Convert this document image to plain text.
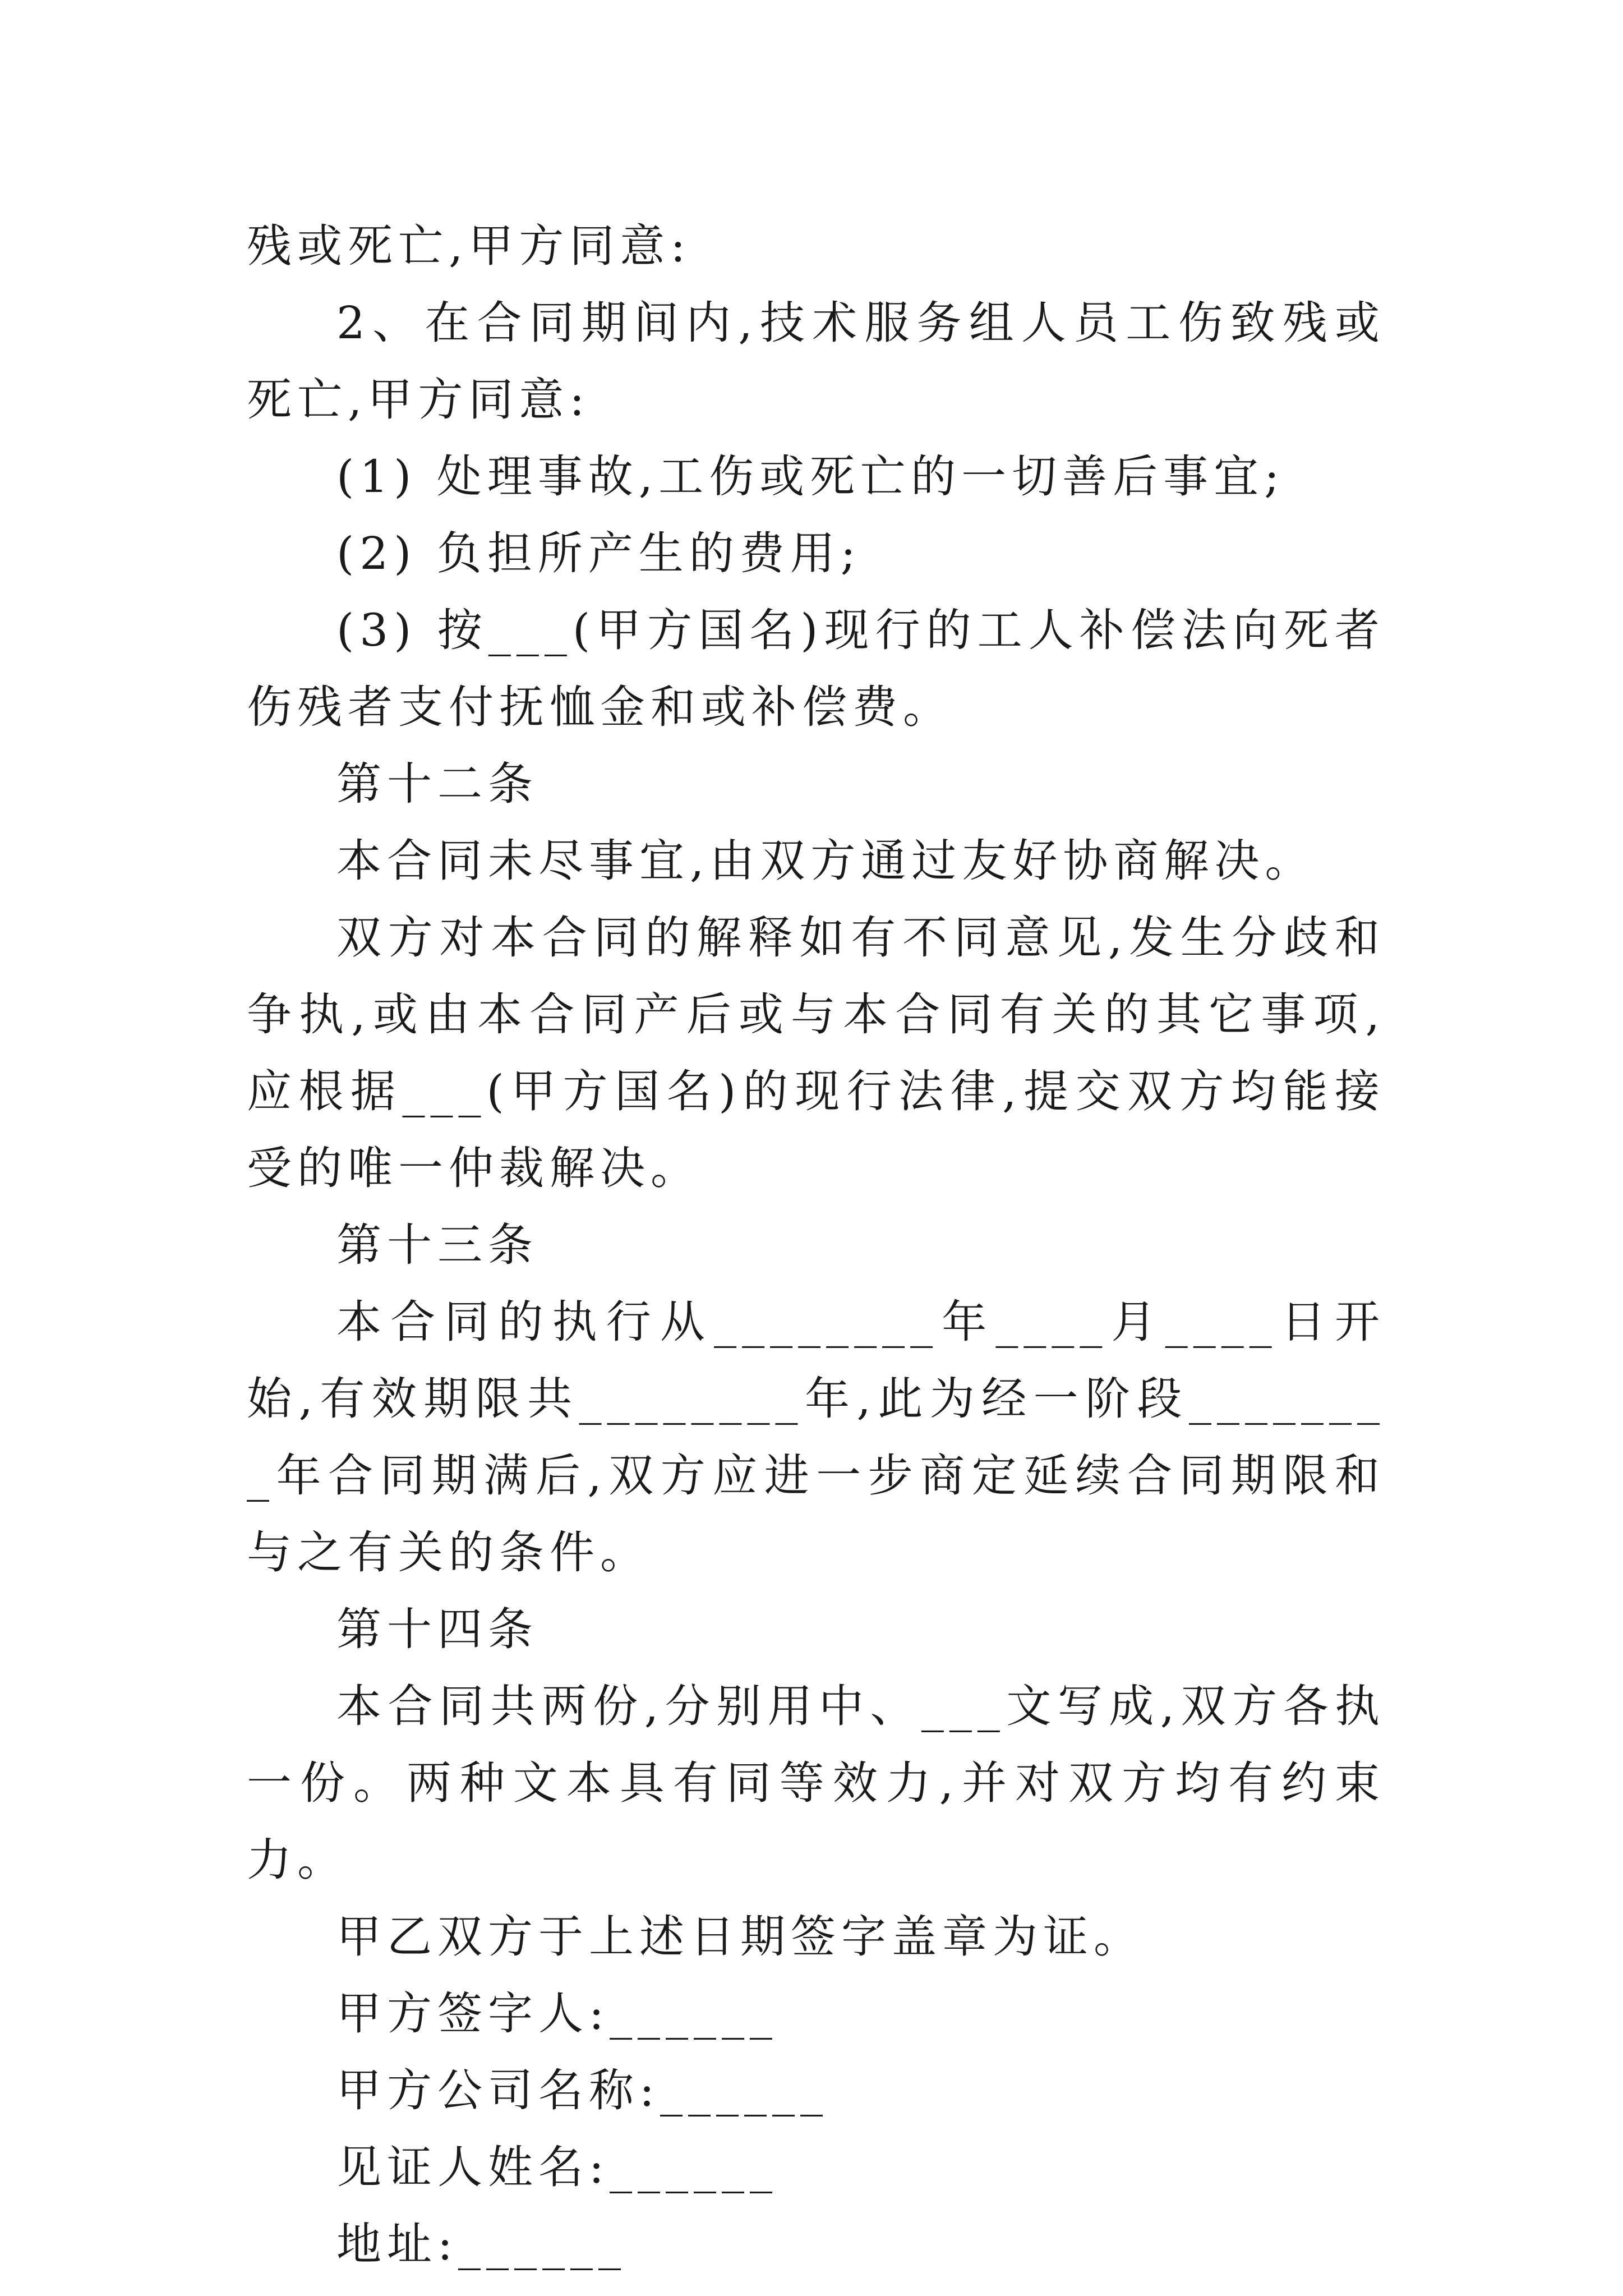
残或死亡,甲方同意:

2、在合同期间内,技术服务组人员工伤致残或死亡,甲方同意:

(1) 处理事故,工伤或死亡的一切善后事宜;

(2) 负担所产生的费用;

(3) 按___(甲方国名)现行的工人补偿法向死者伤残者支付抚恤金和或补偿费。

第十二条

本合同未尽事宜,由双方通过友好协商解决。

双方对本合同的解释如有不同意见,发生分歧和争执,或由本合同产后或与本合同有关的其它事项,应根据___(甲方国名)的现行法律,提交双方均能接受的唯一仲裁解决。

第十三条

本合同的执行从________年____月____日开始,有效期限共________年,此为经一阶段________年合同期满后,双方应进一步商定延续合同期限和与之有关的条件。

第十四条

本合同共两份,分别用中、___文写成,双方各执一份。两种文本具有同等效力,并对双方均有约束力。

甲乙双方于上述日期签字盖章为证。

甲方签字人:______

甲方公司名称:______

见证人姓名:______

地址:______
